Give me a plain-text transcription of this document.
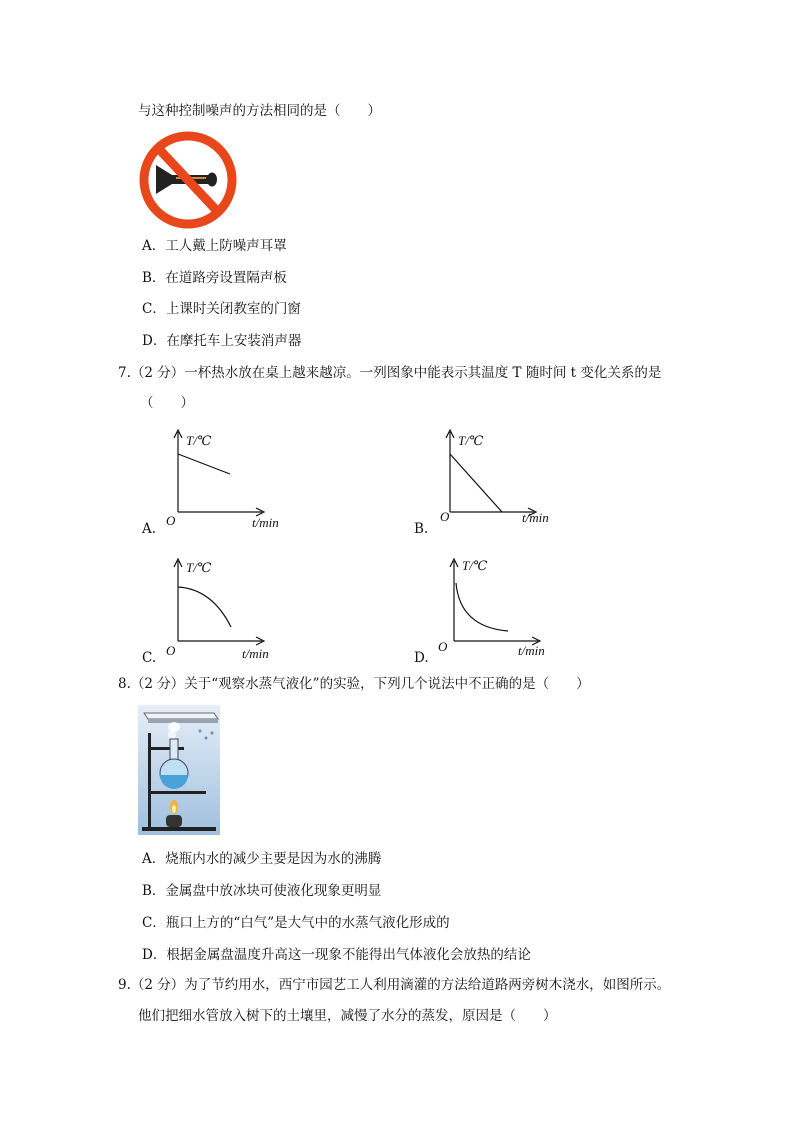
与这种控制噪声的方法相同的是（　　）
A．工人戴上防噪声耳罩
B．在道路旁设置隔声板
C．上课时关闭教室的门窗
D．在摩托车上安装消声器
7.（2 分）一杯热水放在桌上越来越凉。一列图象中能表示其温度 T 随时间 t 变化关系的是
（　　）
A.
T/℃
t/min
O
B.
T/℃
t/min
O
C.
T/℃
t/min
O	D.
T/℃
t/min
O
8.（2 分）关于“观察水蒸气液化”的实验，下列几个说法中不正确的是（　　）
A．烧瓶内水的减少主要是因为水的沸腾
B．金属盘中放冰块可使液化现象更明显
C．瓶口上方的“白气”是大气中的水蒸气液化形成的
D．根据金属盘温度升高这一现象不能得出气体液化会放热的结论
9.（2 分）为了节约用水，西宁市园艺工人利用滴灌的方法给道路两旁树木浇水，如图所示。
他们把细水管放入树下的土壤里，减慢了水分的蒸发，原因是（　　）
